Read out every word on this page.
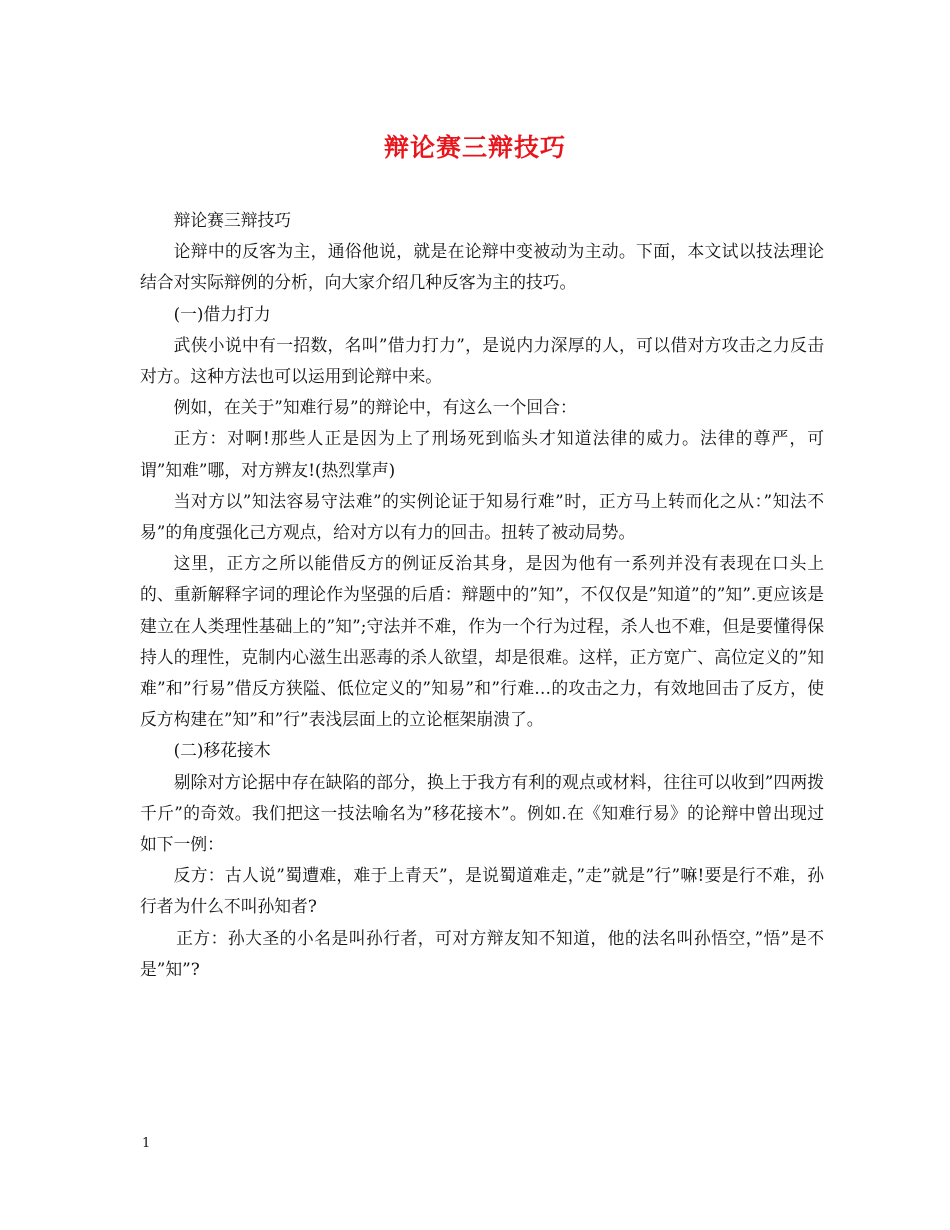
辩论赛三辩技巧

辩论赛三辩技巧

论辩中的反客为主，通俗他说，就是在论辩中变被动为主动。下面，本文试以技法理论结合对实际辩例的分析，向大家介绍几种反客为主的技巧。

(一)借力打力

武侠小说中有一招数，名叫”借力打力”，是说内力深厚的人，可以借对方攻击之力反击对方。这种方法也可以运用到论辩中来。

例如，在关于”知难行易”的辩论中，有这么一个回合：

正方：对啊!那些人正是因为上了刑场死到临头才知道法律的威力。法律的尊严，可谓”知难”哪，对方辨友!(热烈掌声)

当对方以”知法容易守法难”的实例论证于知易行难”时，正方马上转而化之从：”知法不易”的角度强化己方观点，给对方以有力的回击。扭转了被动局势。

这里，正方之所以能借反方的例证反治其身，是因为他有一系列并没有表现在口头上的、重新解释字词的理论作为坚强的后盾：辩题中的”知”，不仅仅是”知道”的”知”.更应该是建立在人类理性基础上的”知”;守法并不难，作为一个行为过程，杀人也不难，但是要懂得保持人的理性，克制内心滋生出恶毒的杀人欲望，却是很难。这样，正方宽广、高位定义的”知难”和”行易”借反方狭隘、低位定义的”知易”和”行难…的攻击之力，有效地回击了反方，使反方构建在”知”和”行”表浅层面上的立论框架崩溃了。

(二)移花接木

剔除对方论据中存在缺陷的部分，换上于我方有利的观点或材料，往往可以收到”四两拨千斤”的奇效。我们把这一技法喻名为”移花接木”。例如.在《知难行易》的论辩中曾出现过如下一例：

反方：古人说”蜀遭难，难于上青天”，是说蜀道难走，”走”就是”行”嘛!要是行不难，孙行者为什么不叫孙知者?

正方：孙大圣的小名是叫孙行者，可对方辩友知不知道，他的法名叫孙悟空，”悟”是不是”知”?

1
